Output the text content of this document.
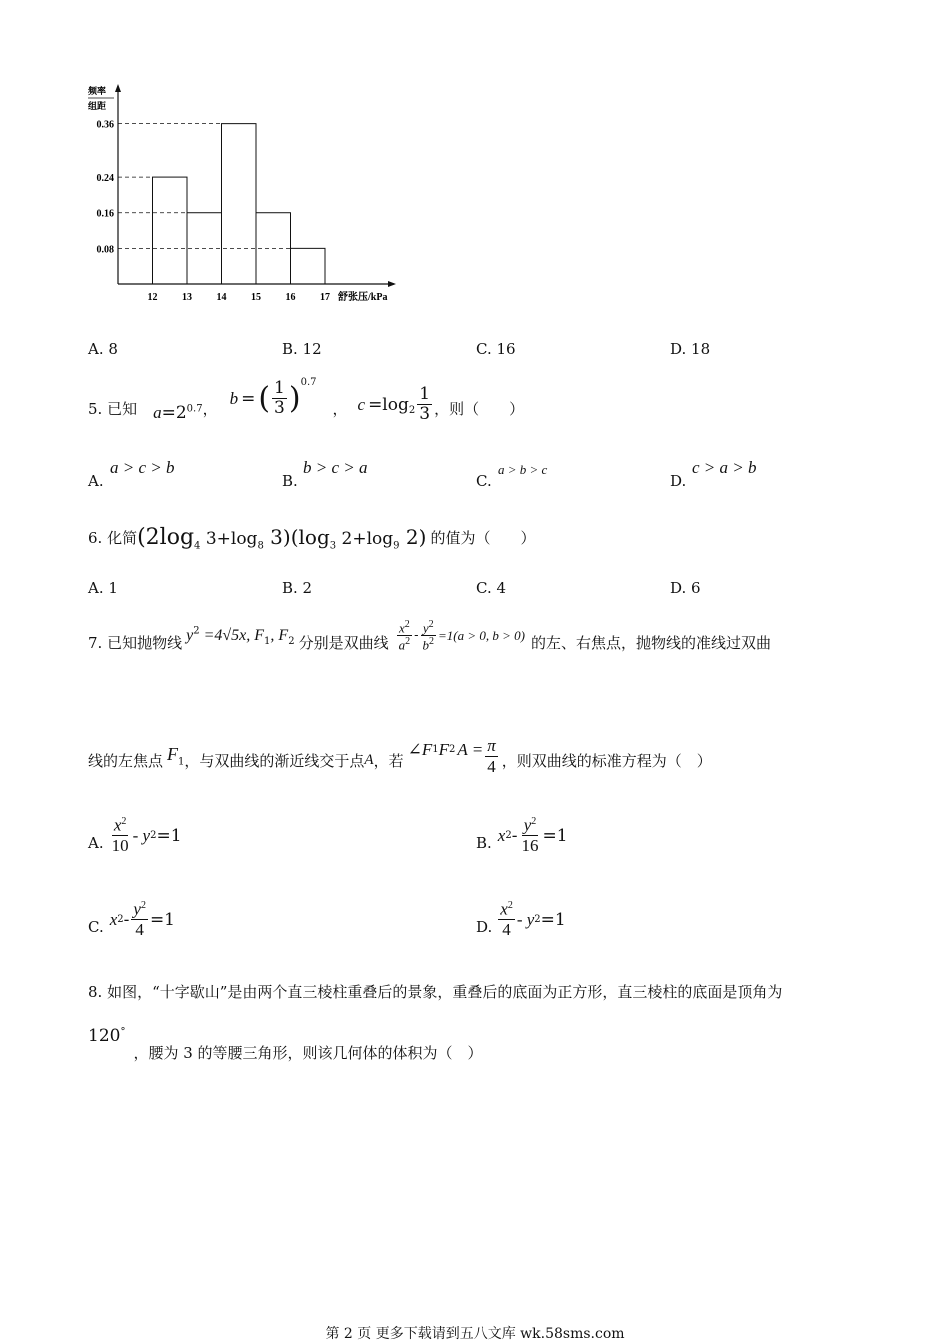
0.36
0.24
0.16
0.08
12 13 14 15 16 17 舒张压/kPa
频率
组距
A. 8	B. 12	C. 16	D. 18
5. 已知 $a=2^{0.7}$ ，
b = ( $\frac{1}{3} )^{0.7}$
， $c =\log_2 \frac{1}{3}$ ，则（　　）
A.
a > c > b
B.
b > c > a
C.
a > b > c
D.
c > a > b
6. 化简 ($2\log_4$ $3+\log_8$ $3)(\log_3$ $2+\log_9$ 2) 的值为（　　）
A. 1	B. 2	C. 4	D. 6
7. 已知抛物线 $y^2 =4√5x$, $F_1$, $F_2$ 分别是双曲线 $\frac{x^2}{a^2} - \frac{y^2}{b^2} =1(a > 0$, b > 0) 的左、右焦点，抛物线的准线过双曲
线的左焦点 $F_1$ ，与双曲线的渐近线交于点 A ，若
∠F 1 F 2 $A = \frac{\pi}{4}$ ，则双曲线的标准方程为（　）
A. $\frac{x^2}{10}$ - y 2 =1	B. x $2 - \frac{y^2}{16} =1$
C. x $2 - \frac{y^2}{4} =1$	D. $\frac{x^2}{4}$ - y 2 =1
8. 如图，“十字歇山”是由两个直三棱柱重叠后的景象，重叠后的底面为正方形，直三棱柱的底面是顶角为
120°
，腰为 3 的等腰三角形，则该几何体的体积为（　）
第 2 页 更多下载请到五八文库 wk.58sms.com
